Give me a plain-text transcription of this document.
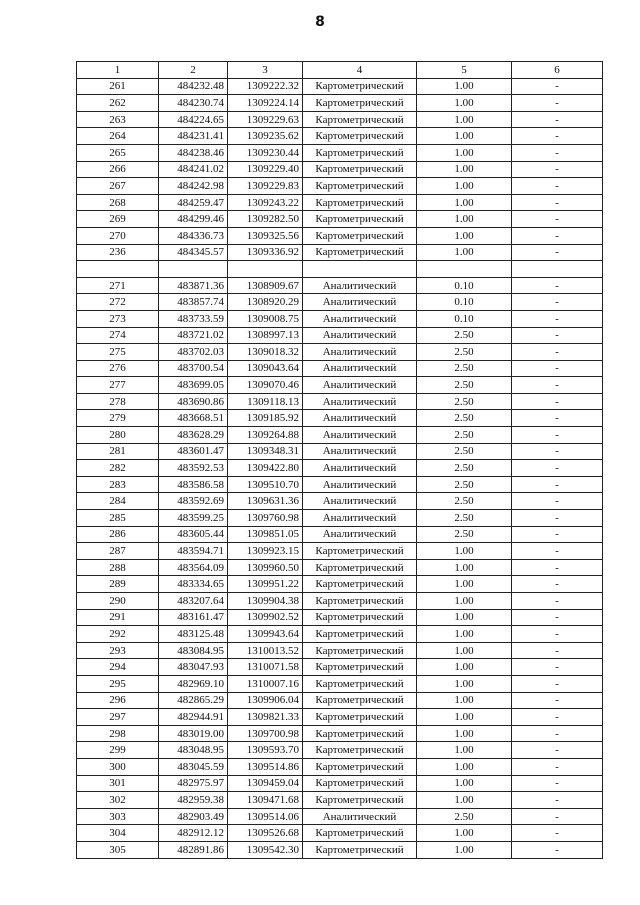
8
1	2	3	4	5	6
261	484232.48	1309222.32	Картометрический	1.00	-
262	484230.74	1309224.14	Картометрический	1.00	-
263	484224.65	1309229.63	Картометрический	1.00	-
264	484231.41	1309235.62	Картометрический	1.00	-
265	484238.46	1309230.44	Картометрический	1.00	-
266	484241.02	1309229.40	Картометрический	1.00	-
267	484242.98	1309229.83	Картометрический	1.00	-
268	484259.47	1309243.22	Картометрический	1.00	-
269	484299.46	1309282.50	Картометрический	1.00	-
270	484336.73	1309325.56	Картометрический	1.00	-
236	484345.57	1309336.92	Картометрический	1.00	-

271	483871.36	1308909.67	Аналитический	0.10	-
272	483857.74	1308920.29	Аналитический	0.10	-
273	483733.59	1309008.75	Аналитический	0.10	-
274	483721.02	1308997.13	Аналитический	2.50	-
275	483702.03	1309018.32	Аналитический	2.50	-
276	483700.54	1309043.64	Аналитический	2.50	-
277	483699.05	1309070.46	Аналитический	2.50	-
278	483690.86	1309118.13	Аналитический	2.50	-
279	483668.51	1309185.92	Аналитический	2.50	-
280	483628.29	1309264.88	Аналитический	2.50	-
281	483601.47	1309348.31	Аналитический	2.50	-
282	483592.53	1309422.80	Аналитический	2.50	-
283	483586.58	1309510.70	Аналитический	2.50	-
284	483592.69	1309631.36	Аналитический	2.50	-
285	483599.25	1309760.98	Аналитический	2.50	-
286	483605.44	1309851.05	Аналитический	2.50	-
287	483594.71	1309923.15	Картометрический	1.00	-
288	483564.09	1309960.50	Картометрический	1.00	-
289	483334.65	1309951.22	Картометрический	1.00	-
290	483207.64	1309904.38	Картометрический	1.00	-
291	483161.47	1309902.52	Картометрический	1.00	-
292	483125.48	1309943.64	Картометрический	1.00	-
293	483084.95	1310013.52	Картометрический	1.00	-
294	483047.93	1310071.58	Картометрический	1.00	-
295	482969.10	1310007.16	Картометрический	1.00	-
296	482865.29	1309906.04	Картометрический	1.00	-
297	482944.91	1309821.33	Картометрический	1.00	-
298	483019.00	1309700.98	Картометрический	1.00	-
299	483048.95	1309593.70	Картометрический	1.00	-
300	483045.59	1309514.86	Картометрический	1.00	-
301	482975.97	1309459.04	Картометрический	1.00	-
302	482959.38	1309471.68	Картометрический	1.00	-
303	482903.49	1309514.06	Аналитический	2.50	-
304	482912.12	1309526.68	Картометрический	1.00	-
305	482891.86	1309542.30	Картометрический	1.00	-
